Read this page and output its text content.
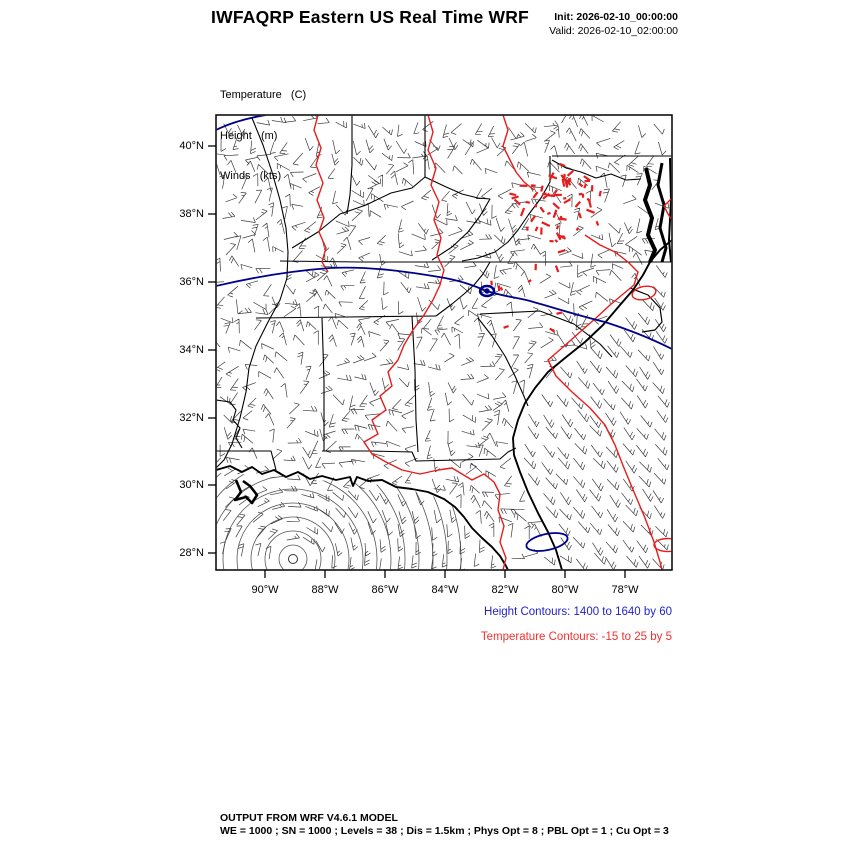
IWFAQRP Eastern US Real Time WRF	Init: 2026-02-10_00:00:00
Valid: 2026-02-10_02:00:00

Temperature   (C)

Height   (m)

Winds   (kts)

40°N
38°N
36°N
34°N
32°N
30°N
28°N
90°W	88°W	86°W	84°W	82°W	80°W	78°W
Height Contours: 1400 to 1640 by 60
Temperature Contours: -15 to 25 by 5
OUTPUT FROM WRF V4.6.1 MODEL
WE = 1000 ; SN = 1000 ; Levels = 38 ; Dis = 1.5km ; Phys Opt = 8 ; PBL Opt = 1 ; Cu Opt = 3
